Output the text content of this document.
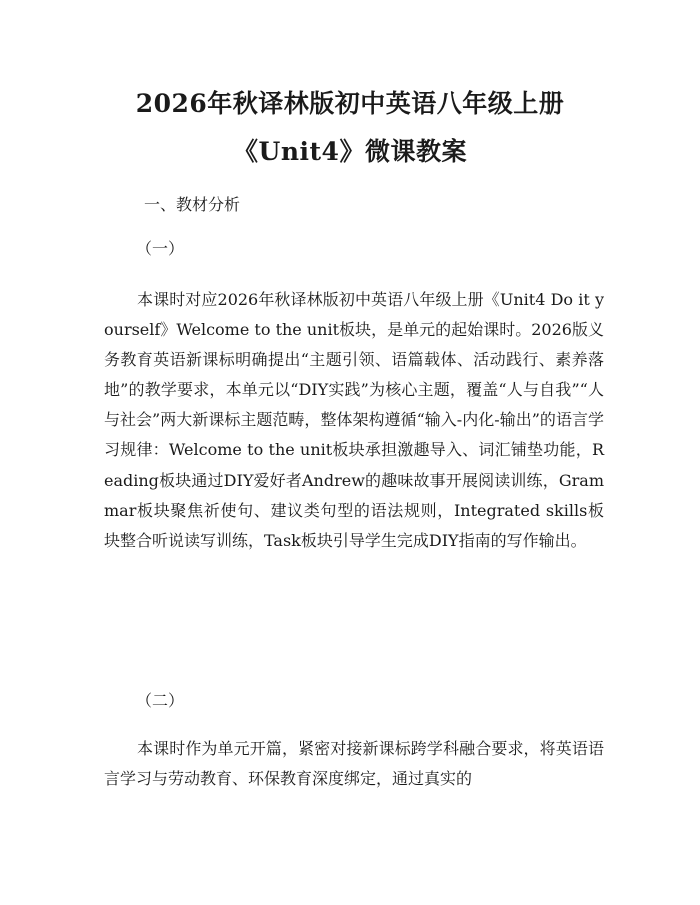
2026年秋译林版初中英语八年级上册
《Unit4》微课教案
一、教材分析
（一）

本课时对应2026年秋译林版初中英语八年级上册《Unit4 Do it yourself》Welcome to the unit板块，是单元的起始课时。2026版义务教育英语新课标明确提出“主题引领、语篇载体、活动践行、素养落地”的教学要求，本单元以“DIY实践”为核心主题，覆盖“人与自我”“人与社会”两大新课标主题范畴，整体架构遵循“输入-内化-输出”的语言学习规律：Welcome to the unit板块承担激趣导入、词汇铺垫功能，Reading板块通过DIY爱好者Andrew的趣味故事开展阅读训练，Grammar板块聚焦祈使句、建议类句型的语法规则，Integrated skills板块整合听说读写训练，Task板块引导学生完成DIY指南的写作输出。

（二）

本课时作为单元开篇，紧密对接新课标跨学科融合要求，将英语语言学习与劳动教育、环保教育深度绑定，通过真实的
